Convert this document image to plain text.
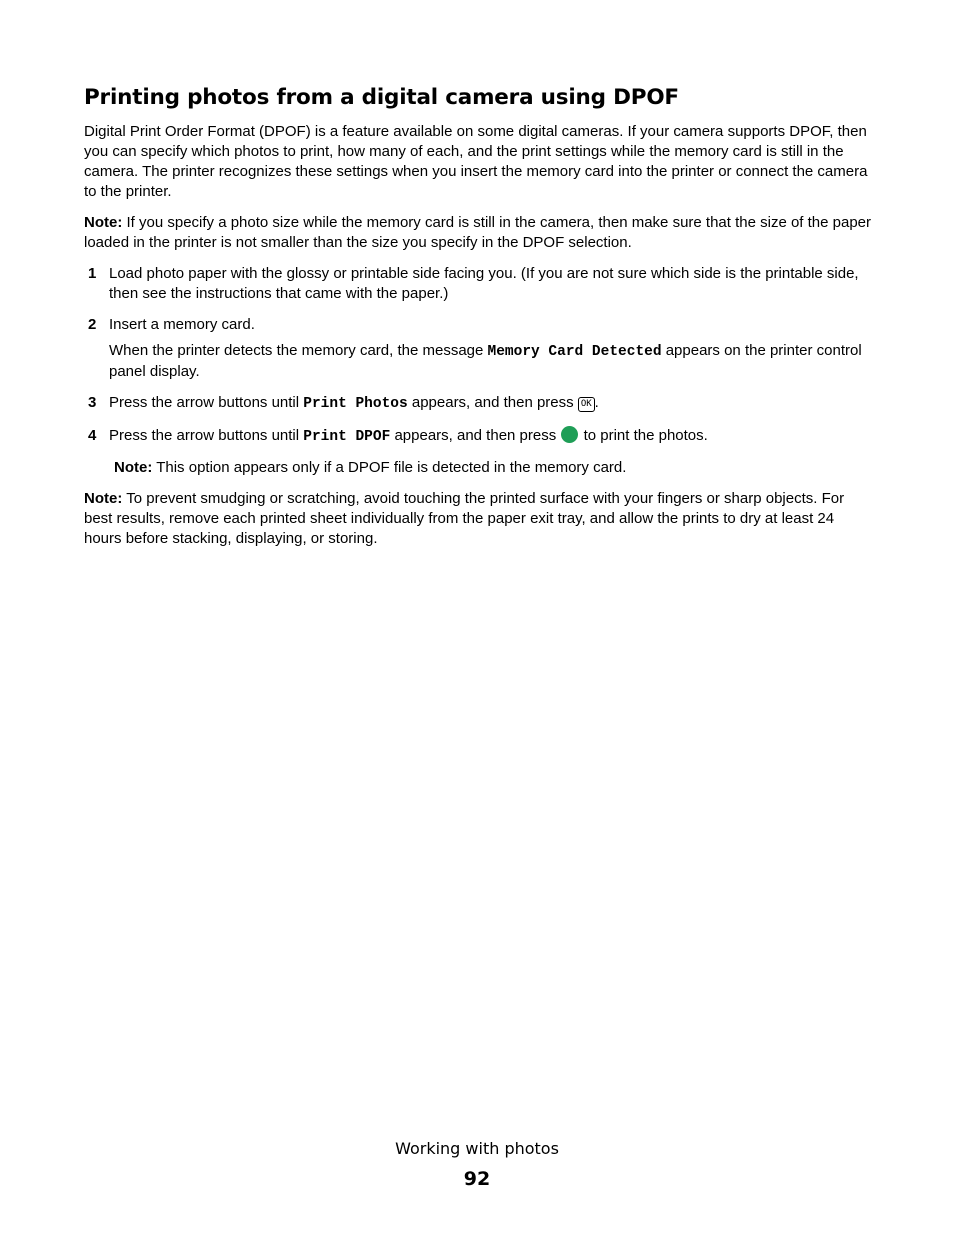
Printing photos from a digital camera using DPOF

Digital Print Order Format (DPOF) is a feature available on some digital cameras. If your camera supports DPOF, then you can specify which photos to print, how many of each, and the print settings while the memory card is still in the camera. The printer recognizes these settings when you insert the memory card into the printer or connect the camera to the printer.

Note: If you specify a photo size while the memory card is still in the camera, then make sure that the size of the paper loaded in the printer is not smaller than the size you specify in the DPOF selection.

1 Load photo paper with the glossy or printable side facing you. (If you are not sure which side is the printable side, then see the instructions that came with the paper.)

2 Insert a memory card.

When the printer detects the memory card, the message Memory Card Detected appears on the printer control panel display.

3 Press the arrow buttons until Print Photos appears, and then press OK .

4 Press the arrow buttons until Print DPOF appears, and then press  to print the photos.

Note: This option appears only if a DPOF file is detected in the memory card.

Note: To prevent smudging or scratching, avoid touching the printed surface with your fingers or sharp objects. For best results, remove each printed sheet individually from the paper exit tray, and allow the prints to dry at least 24 hours before stacking, displaying, or storing.

Working with photos
92
